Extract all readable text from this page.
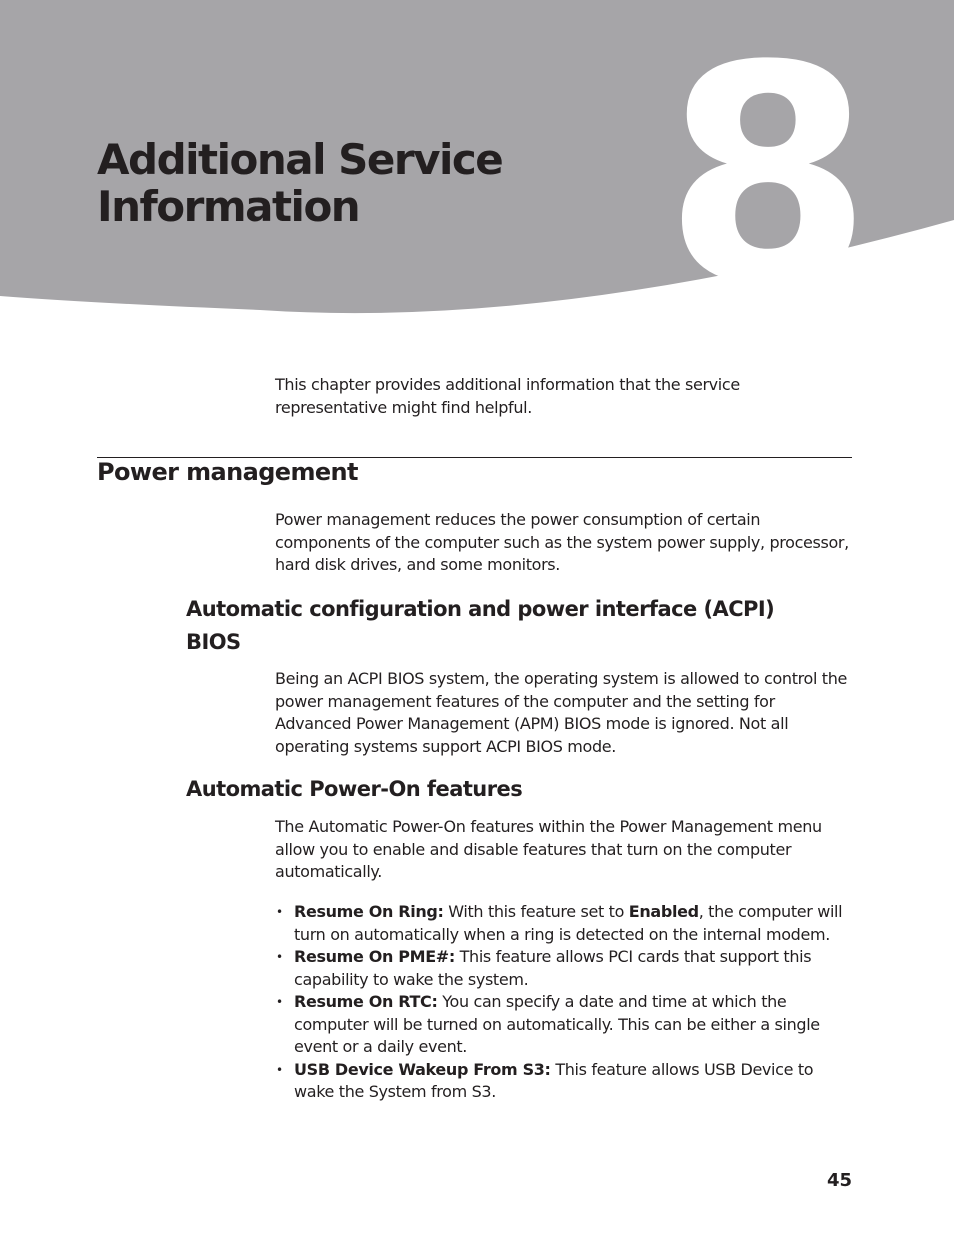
8
Additional Service
Information

This chapter provides additional information that the service representative might find helpful.

Power management

Power management reduces the power consumption of certain components of the computer such as the system power supply, processor, hard disk drives, and some monitors.

Automatic configuration and power interface (ACPI) BIOS

Being an ACPI BIOS system, the operating system is allowed to control the power management features of the computer and the setting for Advanced Power Management (APM) BIOS mode is ignored. Not all operating systems support ACPI BIOS mode.

Automatic Power-On features

The Automatic Power-On features within the Power Management menu allow you to enable and disable features that turn on the computer automatically.

• Resume On Ring: With this feature set to Enabled, the computer will turn on automatically when a ring is detected on the internal modem.
• Resume On PME#: This feature allows PCI cards that support this capability to wake the system.
• Resume On RTC: You can specify a date and time at which the computer will be turned on automatically. This can be either a single event or a daily event.
• USB Device Wakeup From S3: This feature allows USB Device to wake the System from S3.
45
